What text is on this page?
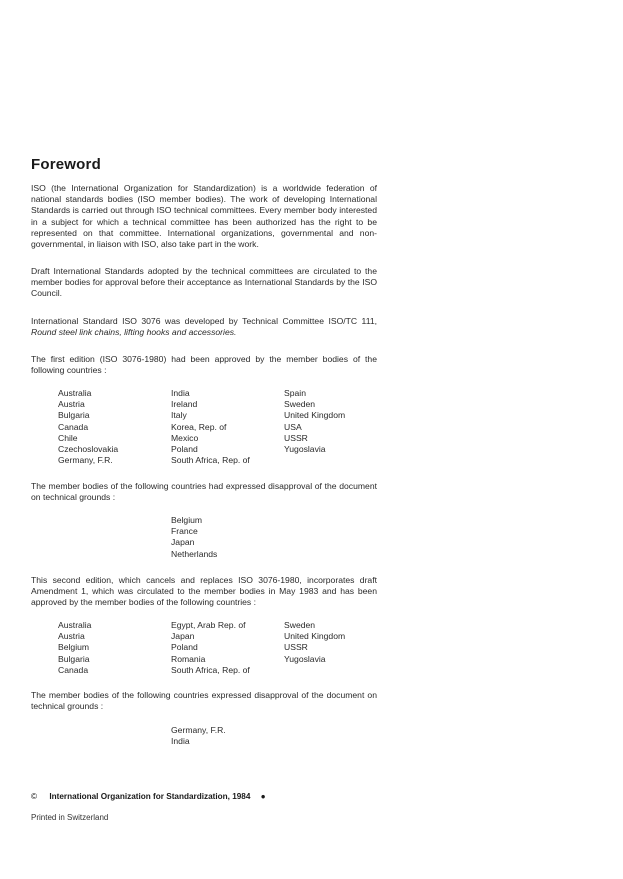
Foreword

ISO (the International Organization for Standardization) is a worldwide federation of national standards bodies (ISO member bodies). The work of developing International Standards is carried out through ISO technical committees. Every member body interested in a subject for which a technical committee has been authorized has the right to be represented on that committee. International organizations, governmental and non-governmental, in liaison with ISO, also take part in the work.

Draft International Standards adopted by the technical committees are circulated to the member bodies for approval before their acceptance as International Standards by the ISO Council.

International Standard ISO 3076 was developed by Technical Committee ISO/TC 111, Round steel link chains, lifting hooks and accessories.

The first edition (ISO 3076-1980) had been approved by the member bodies of the following countries :

Australia
Austria
Bulgaria
Canada
Chile
Czechoslovakia
Germany, F.R.
India
Ireland
Italy
Korea, Rep. of
Mexico
Poland
South Africa, Rep. of
Spain
Sweden
United Kingdom
USA
USSR
Yugoslavia

The member bodies of the following countries had expressed disapproval of the document on technical grounds :

Belgium
France
Japan
Netherlands

This second edition, which cancels and replaces ISO 3076-1980, incorporates draft Amendment 1, which was circulated to the member bodies in May 1983 and has been approved by the member bodies of the following countries :

Australia
Austria
Belgium
Bulgaria
Canada
Egypt, Arab Rep. of
Japan
Poland
Romania
South Africa, Rep. of
Sweden
United Kingdom
USSR
Yugoslavia

The member bodies of the following countries expressed disapproval of the document on technical grounds :

Germany, F.R.
India
© International Organization for Standardization, 1984 ●
Printed in Switzerland
